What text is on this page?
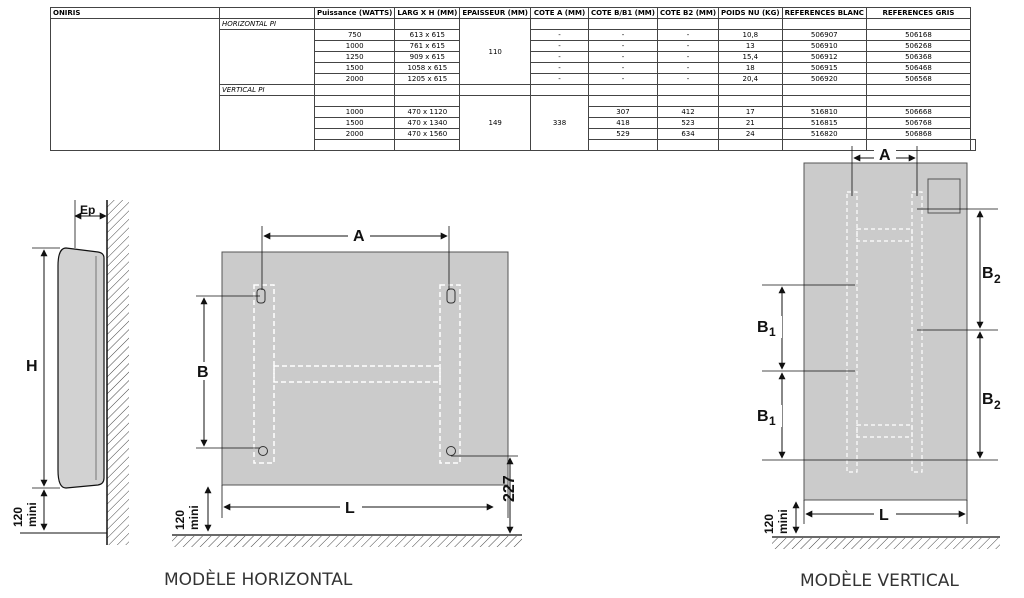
ONIRIS		Puissance (WATTS)	LARG X H (MM)	EPAISSEUR (MM)	COTE A (MM)	COTE B/B1 (MM)	COTE B2 (MM)	POIDS NU (KG)	REFERENCES BLANC	REFERENCES GRIS	
	HORIZONTAL PI			110							
		750	613 x 615		-	-	-	10,8	506907	506168	
		1000	761 x 615		-	-	-	13	506910	506268	
		1250	909 x 615		-	-	-	15,4	506912	506368	
		1500	1058 x 615		-	-	-	18	506915	506468	
		2000	1205 x 615		-	-	-	20,4	506920	506568	
	VERTICAL PI										
				149	338						
		1000	470 x 1120			307	412	17	516810	506668	
		1500	470 x 1340			418	523	21	516815	506768	
		2000	470 x 1560			529	634	24	516820	506868	

Ep
H
120 mini
A
B
227
L
120 mini
MODÈLE HORIZONTAL
A
B 1
B 1
B 2
B 2
L
120 mini
MODÈLE VERTICAL
